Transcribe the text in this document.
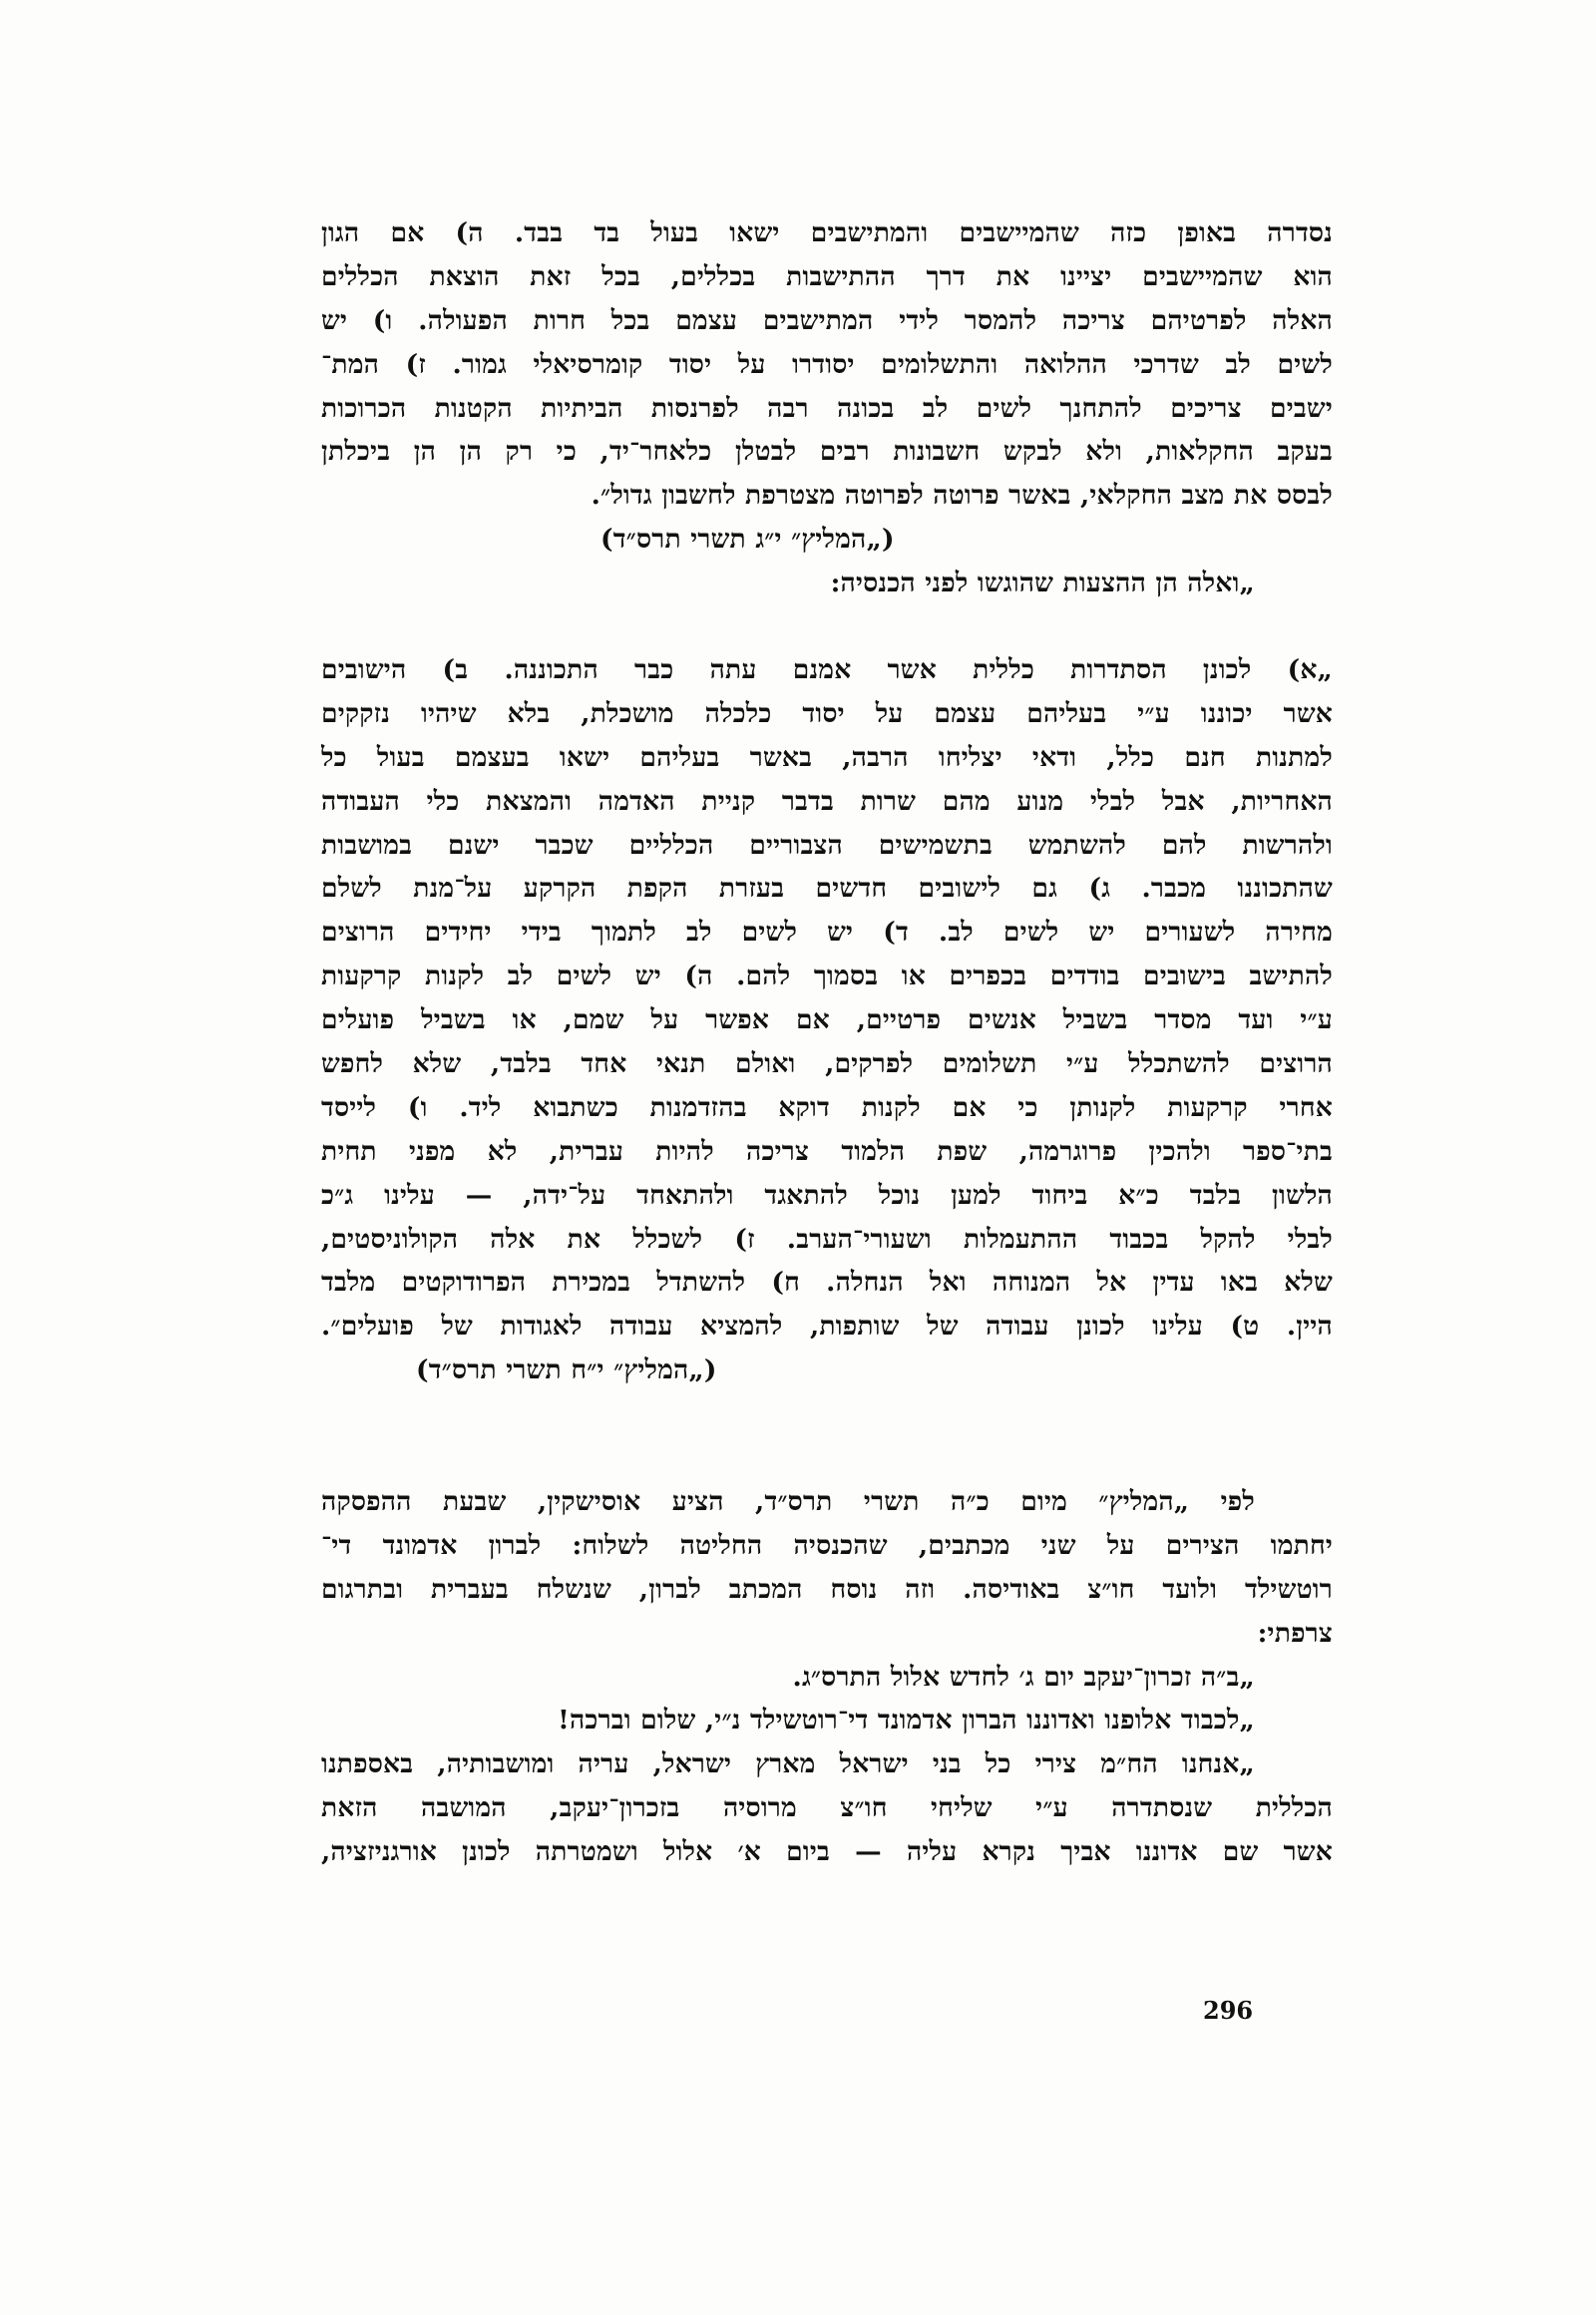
נסדרה באופן כזה שהמיישבים והמתישבים ישאו בעול בד בבד. ה) אם הגון
הוא שהמיישבים יציינו את דרך ההתישבות בכללים, בכל זאת הוצאת הכללים
האלה לפרטיהם צריכה להמסר לידי המתישבים עצמם בכל חרות הפעולה. ו) יש
לשים לב שדרכי ההלואה והתשלומים יסודרו על יסוד קומרסיאלי גמור. ז) המת־
ישבים צריכים להתחנך לשים לב בכונה רבה לפרנסות הביתיות הקטנות הכרוכות
בעקב החקלאות, ולא לבקש חשבונות רבים לבטלן כלאחר־יד, כי רק הן הן ביכלתן
לבסס את מצב החקלאי, באשר פרוטה לפרוטה מצטרפת לחשבון גדול״.
(„המליץ״ י״ג תשרי תרס״ד)
„ואלה הן ההצעות שהוגשו לפני הכנסיה:
„א) לכונן הסתדרות כללית אשר אמנם עתה כבר התכוננה. ב) הישובים
אשר יכוננו ע״י בעליהם עצמם על יסוד כלכלה מושכלת, בלא שיהיו נזקקים
למתנות חנם כלל, ודאי יצליחו הרבה, באשר בעליהם ישאו בעצמם בעול כל
האחריות, אבל לבלי מנוע מהם שרות בדבר קניית האדמה והמצאת כלי העבודה
ולהרשות להם להשתמש בתשמישים הצבוריים הכלליים שכבר ישנם במושבות
שהתכוננו מכבר. ג) גם לישובים חדשים בעזרת הקפת הקרקע על־מנת לשלם
מחירה לשעורים יש לשים לב. ד) יש לשים לב לתמוך בידי יחידים הרוצים
להתישב בישובים בודדים בכפרים או בסמוך להם. ה) יש לשים לב לקנות קרקעות
ע״י ועד מסדר בשביל אנשים פרטיים, אם אפשר על שמם, או בשביל פועלים
הרוצים להשתכלל ע״י תשלומים לפרקים, ואולם תנאי אחד בלבד, שלא לחפש
אחרי קרקעות לקנותן כי אם לקנות דוקא בהזדמנות כשתבוא ליד. ו) לייסד
בתי־ספר ולהכין פרוגרמה, שפת הלמוד צריכה להיות עברית, לא מפני תחית
הלשון בלבד כ״א ביחוד למען נוכל להתאגד ולהתאחד על־ידה, — עלינו ג״כ
לבלי להקל בכבוד ההתעמלות ושעורי־הערב. ז) לשכלל את אלה הקולוניסטים,
שלא באו עדין אל המנוחה ואל הנחלה. ח) להשתדל במכירת הפרודוקטים מלבד
היין. ט) עלינו לכונן עבודה של שותפות, להמציא עבודה לאגודות של פועלים״.
(„המליץ״ י״ח תשרי תרס״ד)
לפי „המליץ״ מיום כ״ה תשרי תרס״ד, הציע אוסישקין, שבעת ההפסקה
יחתמו הצירים על שני מכתבים, שהכנסיה החליטה לשלוח: לברון אדמונד די־
רוטשילד ולועד חו״צ באודיסה. וזה נוסח המכתב לברון, שנשלח בעברית ובתרגום
צרפתי:
„ב״ה זכרון־יעקב יום ג׳ לחדש אלול התרס״ג.
„לכבוד אלופנו ואדוננו הברון אדמונד די־רוטשילד נ״י, שלום וברכה!
„אנחנו הח״מ צירי כל בני ישראל מארץ ישראל, עריה ומושבותיה, באספתנו
הכללית שנסתדרה ע״י שליחי חו״צ מרוסיה בזכרון־יעקב, המושבה הזאת
אשר שם אדוננו אביך נקרא עליה — ביום א׳ אלול ושמטרתה לכונן אורגניזציה,
296
